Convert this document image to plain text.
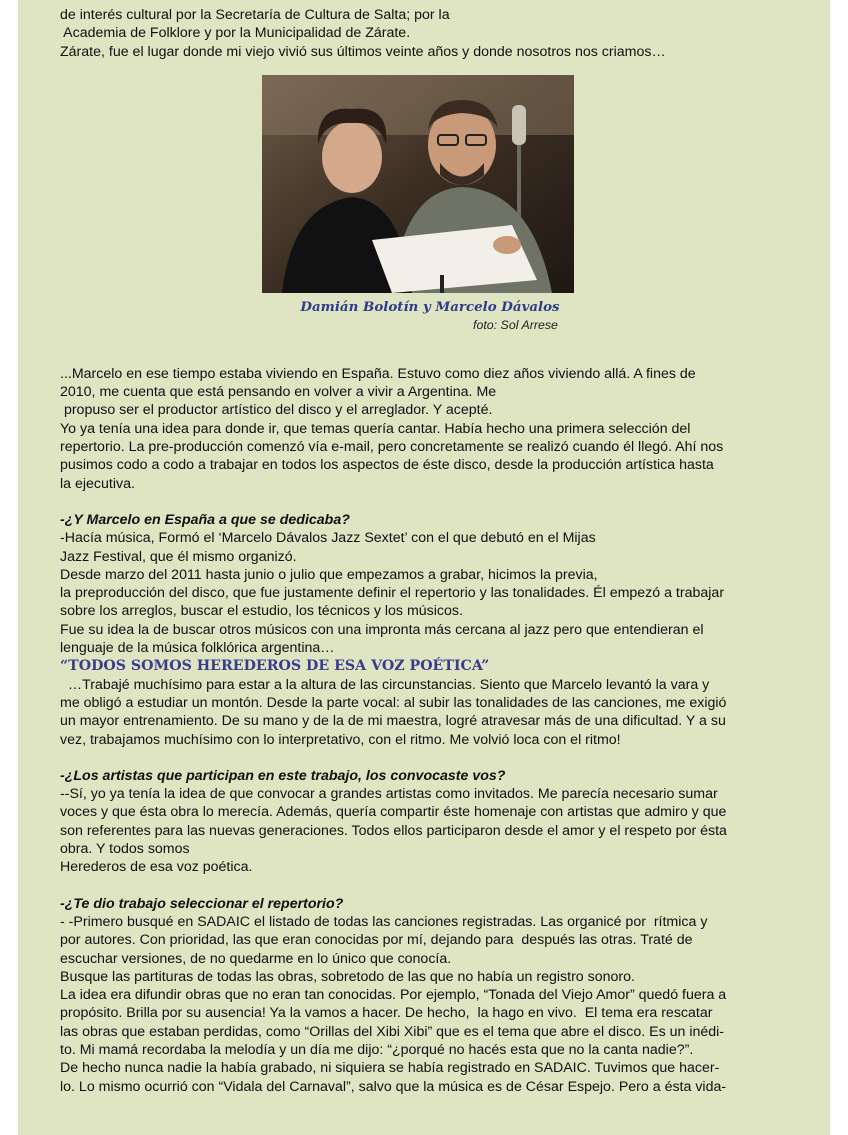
de interés cultural por la Secretaría de Cultura de Salta; por la

Academia de Folklore y por la Municipalidad de Zárate.

Zárate, fue el lugar donde mi viejo vivió sus últimos veinte años y donde nosotros nos criamos…

Damián Bolotín y Marcelo Dávalos
foto: Sol Arrese

...Marcelo en ese tiempo estaba viviendo en España. Estuvo como diez años viviendo allá. A fines de

2010, me cuenta que está pensando en volver a vivir a Argentina. Me

propuso ser el productor artístico del disco y el arreglador. Y acepté.

Yo ya tenía una idea para donde ir, que temas quería cantar. Había hecho una primera selección del

repertorio. La pre-producción comenzó vía e-mail, pero concretamente se realizó cuando él llegó. Ahí nos

pusimos codo a codo a trabajar en todos los aspectos de éste disco, desde la producción artística hasta

la ejecutiva.

-¿Y Marcelo en España a que se dedicaba?

-Hacía música, Formó el ‘Marcelo Dávalos Jazz Sextet’ con el que debutó en el Mijas

Jazz Festival, que él mismo organizó.

Desde marzo del 2011 hasta junio o julio que empezamos a grabar, hicimos la previa,

la preproducción del disco, que fue justamente definir el repertorio y las tonalidades. Él empezó a trabajar

sobre los arreglos, buscar el estudio, los técnicos y los músicos.

Fue su idea la de buscar otros músicos con una impronta más cercana al jazz pero que entendieran el

lenguaje de la música folklórica argentina…

“TODOS SOMOS HEREDEROS DE ESA VOZ POÉTICA”

…Trabajé muchísimo para estar a la altura de las circunstancias. Siento que Marcelo levantó la vara y

me obligó a estudiar un montón. Desde la parte vocal: al subir las tonalidades de las canciones, me exigió

un mayor entrenamiento. De su mano y de la de mi maestra, logré atravesar más de una dificultad. Y a su

vez, trabajamos muchísimo con lo interpretativo, con el ritmo. Me volvió loca con el ritmo!

-¿Los artistas que participan en este trabajo, los convocaste vos?

--Sí, yo ya tenía la idea de que convocar a grandes artistas como invitados. Me parecía necesario sumar

voces y que ésta obra lo merecía. Además, quería compartir éste homenaje con artistas que admiro y que

son referentes para las nuevas generaciones. Todos ellos participaron desde el amor y el respeto por ésta

obra. Y todos somos

Herederos de esa voz poética.

-¿Te dio trabajo seleccionar el repertorio?

- -Primero busqué en SADAIC el listado de todas las canciones registradas. Las organicé por  rítmica y

por autores. Con prioridad, las que eran conocidas por mí, dejando para  después las otras. Traté de

escuchar versiones, de no quedarme en lo único que conocía.

Busque las partituras de todas las obras, sobretodo de las que no había un registro sonoro.

La idea era difundir obras que no eran tan conocidas. Por ejemplo, “Tonada del Viejo Amor” quedó fuera a

propósito. Brilla por su ausencia! Ya la vamos a hacer. De hecho,  la hago en vivo.  El tema era rescatar

las obras que estaban perdidas, como “Orillas del Xibi Xibi” que es el tema que abre el disco. Es un inédi-

to. Mi mamá recordaba la melodía y un día me dijo: “¿porqué no hacés esta que no la canta nadie?”.

De hecho nunca nadie la había grabado, ni siquiera se había registrado en SADAIC. Tuvimos que hacer-

lo. Lo mismo ocurrió con “Vidala del Carnaval”, salvo que la música es de César Espejo. Pero a ésta vida-
